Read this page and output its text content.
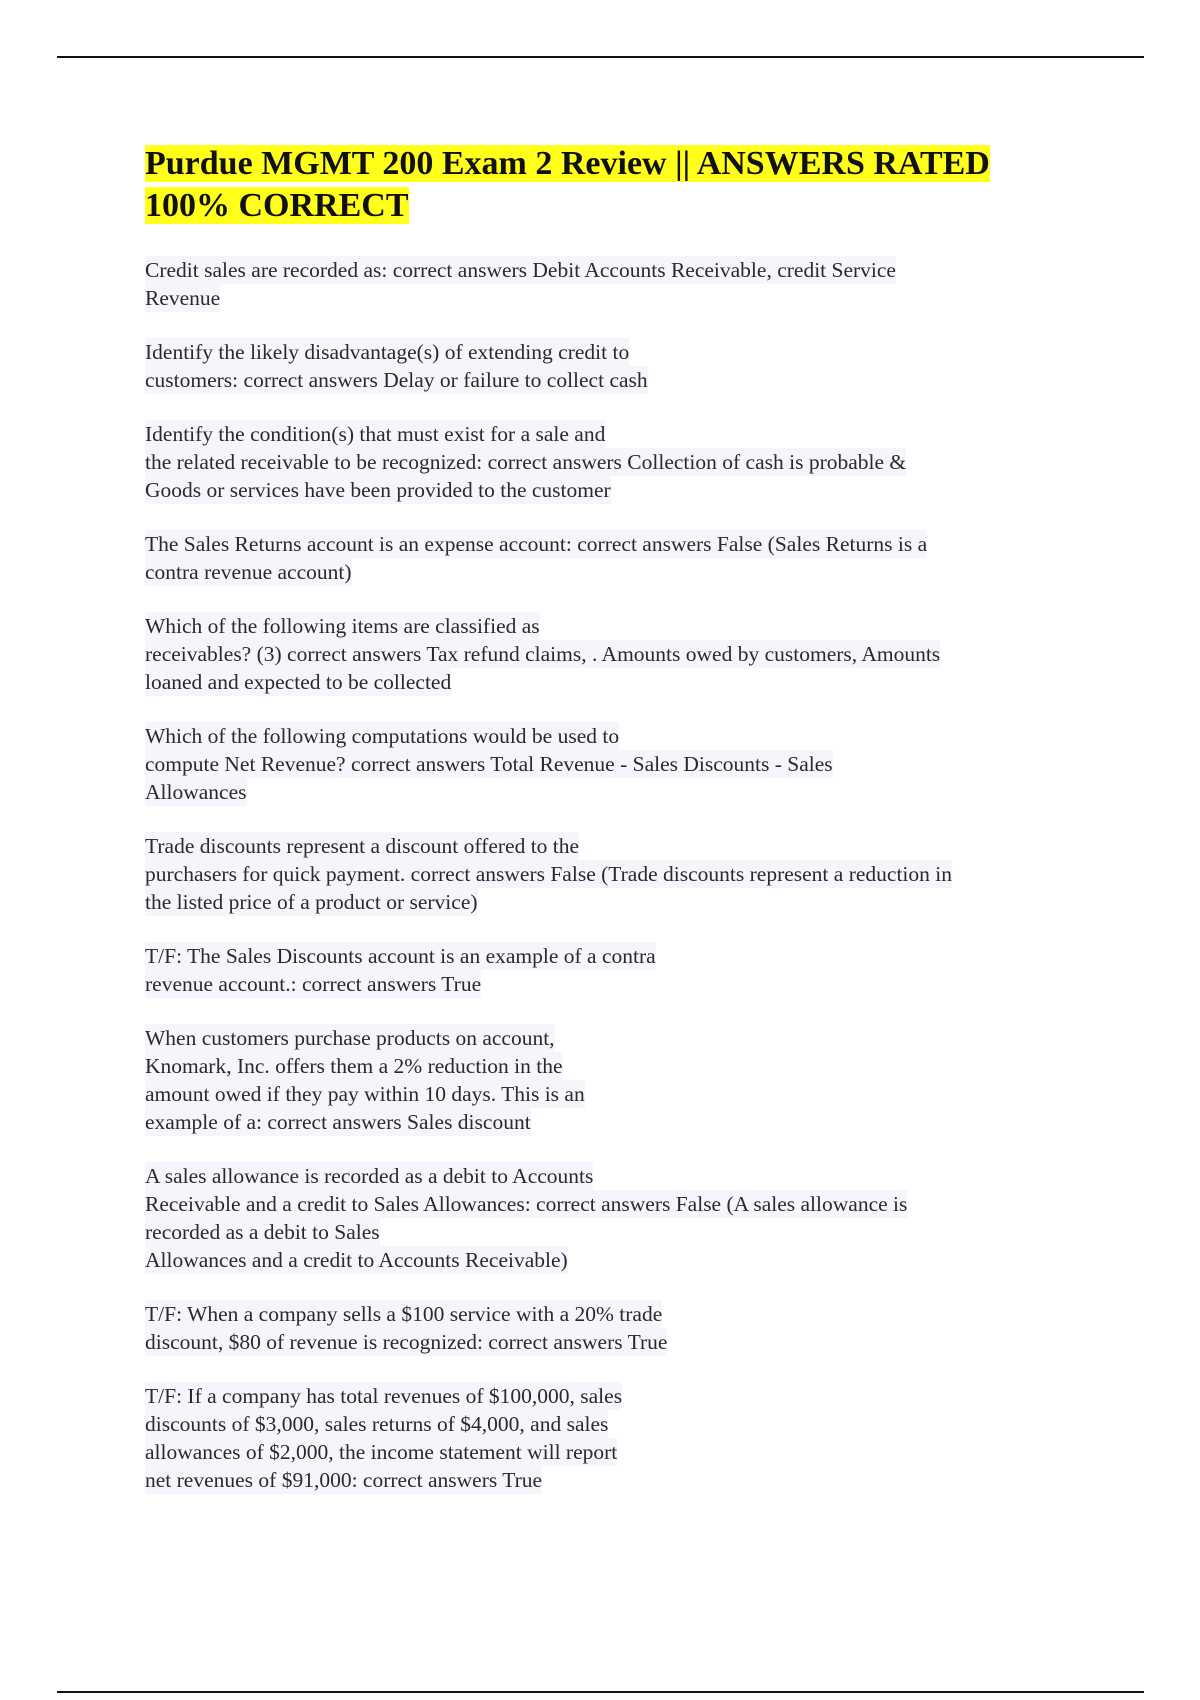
Purdue MGMT 200 Exam 2 Review || ANSWERS RATED
100% CORRECT

Credit sales are recorded as: correct answers Debit Accounts Receivable, credit Service
Revenue

Identify the likely disadvantage(s) of extending credit to
customers: correct answers Delay or failure to collect cash

Identify the condition(s) that must exist for a sale and
the related receivable to be recognized: correct answers Collection of cash is probable &
Goods or services have been provided to the customer

The Sales Returns account is an expense account: correct answers False (Sales Returns is a
contra revenue account)

Which of the following items are classified as
receivables? (3) correct answers Tax refund claims, . Amounts owed by customers, Amounts
loaned and expected to be collected

Which of the following computations would be used to
compute Net Revenue? correct answers Total Revenue - Sales Discounts - Sales
Allowances

Trade discounts represent a discount offered to the
purchasers for quick payment. correct answers False (Trade discounts represent a reduction in
the listed price of a product or service)

T/F: The Sales Discounts account is an example of a contra
revenue account.: correct answers True

When customers purchase products on account,
Knomark, Inc. offers them a 2% reduction in the
amount owed if they pay within 10 days. This is an
example of a: correct answers Sales discount

A sales allowance is recorded as a debit to Accounts
Receivable and a credit to Sales Allowances: correct answers False (A sales allowance is
recorded as a debit to Sales
Allowances and a credit to Accounts Receivable)

T/F: When a company sells a $100 service with a 20% trade
discount, $80 of revenue is recognized: correct answers True

T/F: If a company has total revenues of $100,000, sales
discounts of $3,000, sales returns of $4,000, and sales
allowances of $2,000, the income statement will report
net revenues of $91,000: correct answers True
